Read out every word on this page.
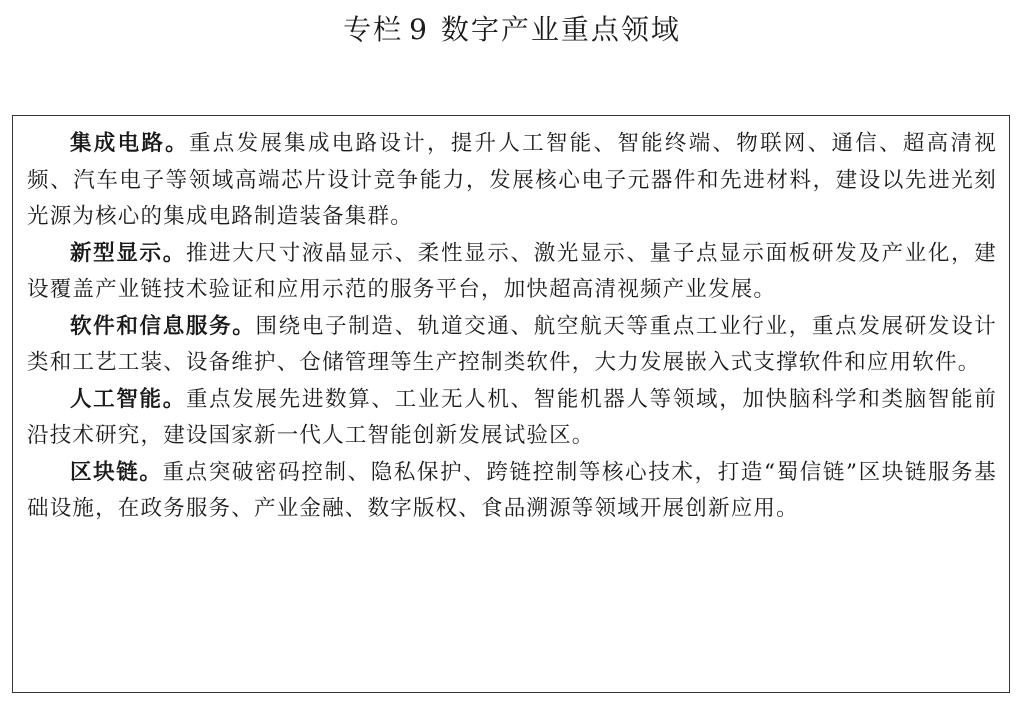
专栏 9 数字产业重点领域

集成电路。重点发展集成电路设计，提升人工智能、智能终端、物联网、通信、超高清视频、汽车电子等领域高端芯片设计竞争能力，发展核心电子元器件和先进材料，建设以先进光刻光源为核心的集成电路制造装备集群。

新型显示。推进大尺寸液晶显示、柔性显示、激光显示、量子点显示面板研发及产业化，建设覆盖产业链技术验证和应用示范的服务平台，加快超高清视频产业发展。

软件和信息服务。围绕电子制造、轨道交通、航空航天等重点工业行业，重点发展研发设计类和工艺工装、设备维护、仓储管理等生产控制类软件，大力发展嵌入式支撑软件和应用软件。

人工智能。重点发展先进数算、工业无人机、智能机器人等领域，加快脑科学和类脑智能前沿技术研究，建设国家新一代人工智能创新发展试验区。

区块链。重点突破密码控制、隐私保护、跨链控制等核心技术，打造“蜀信链”区块链服务基础设施，在政务服务、产业金融、数字版权、食品溯源等领域开展创新应用。
